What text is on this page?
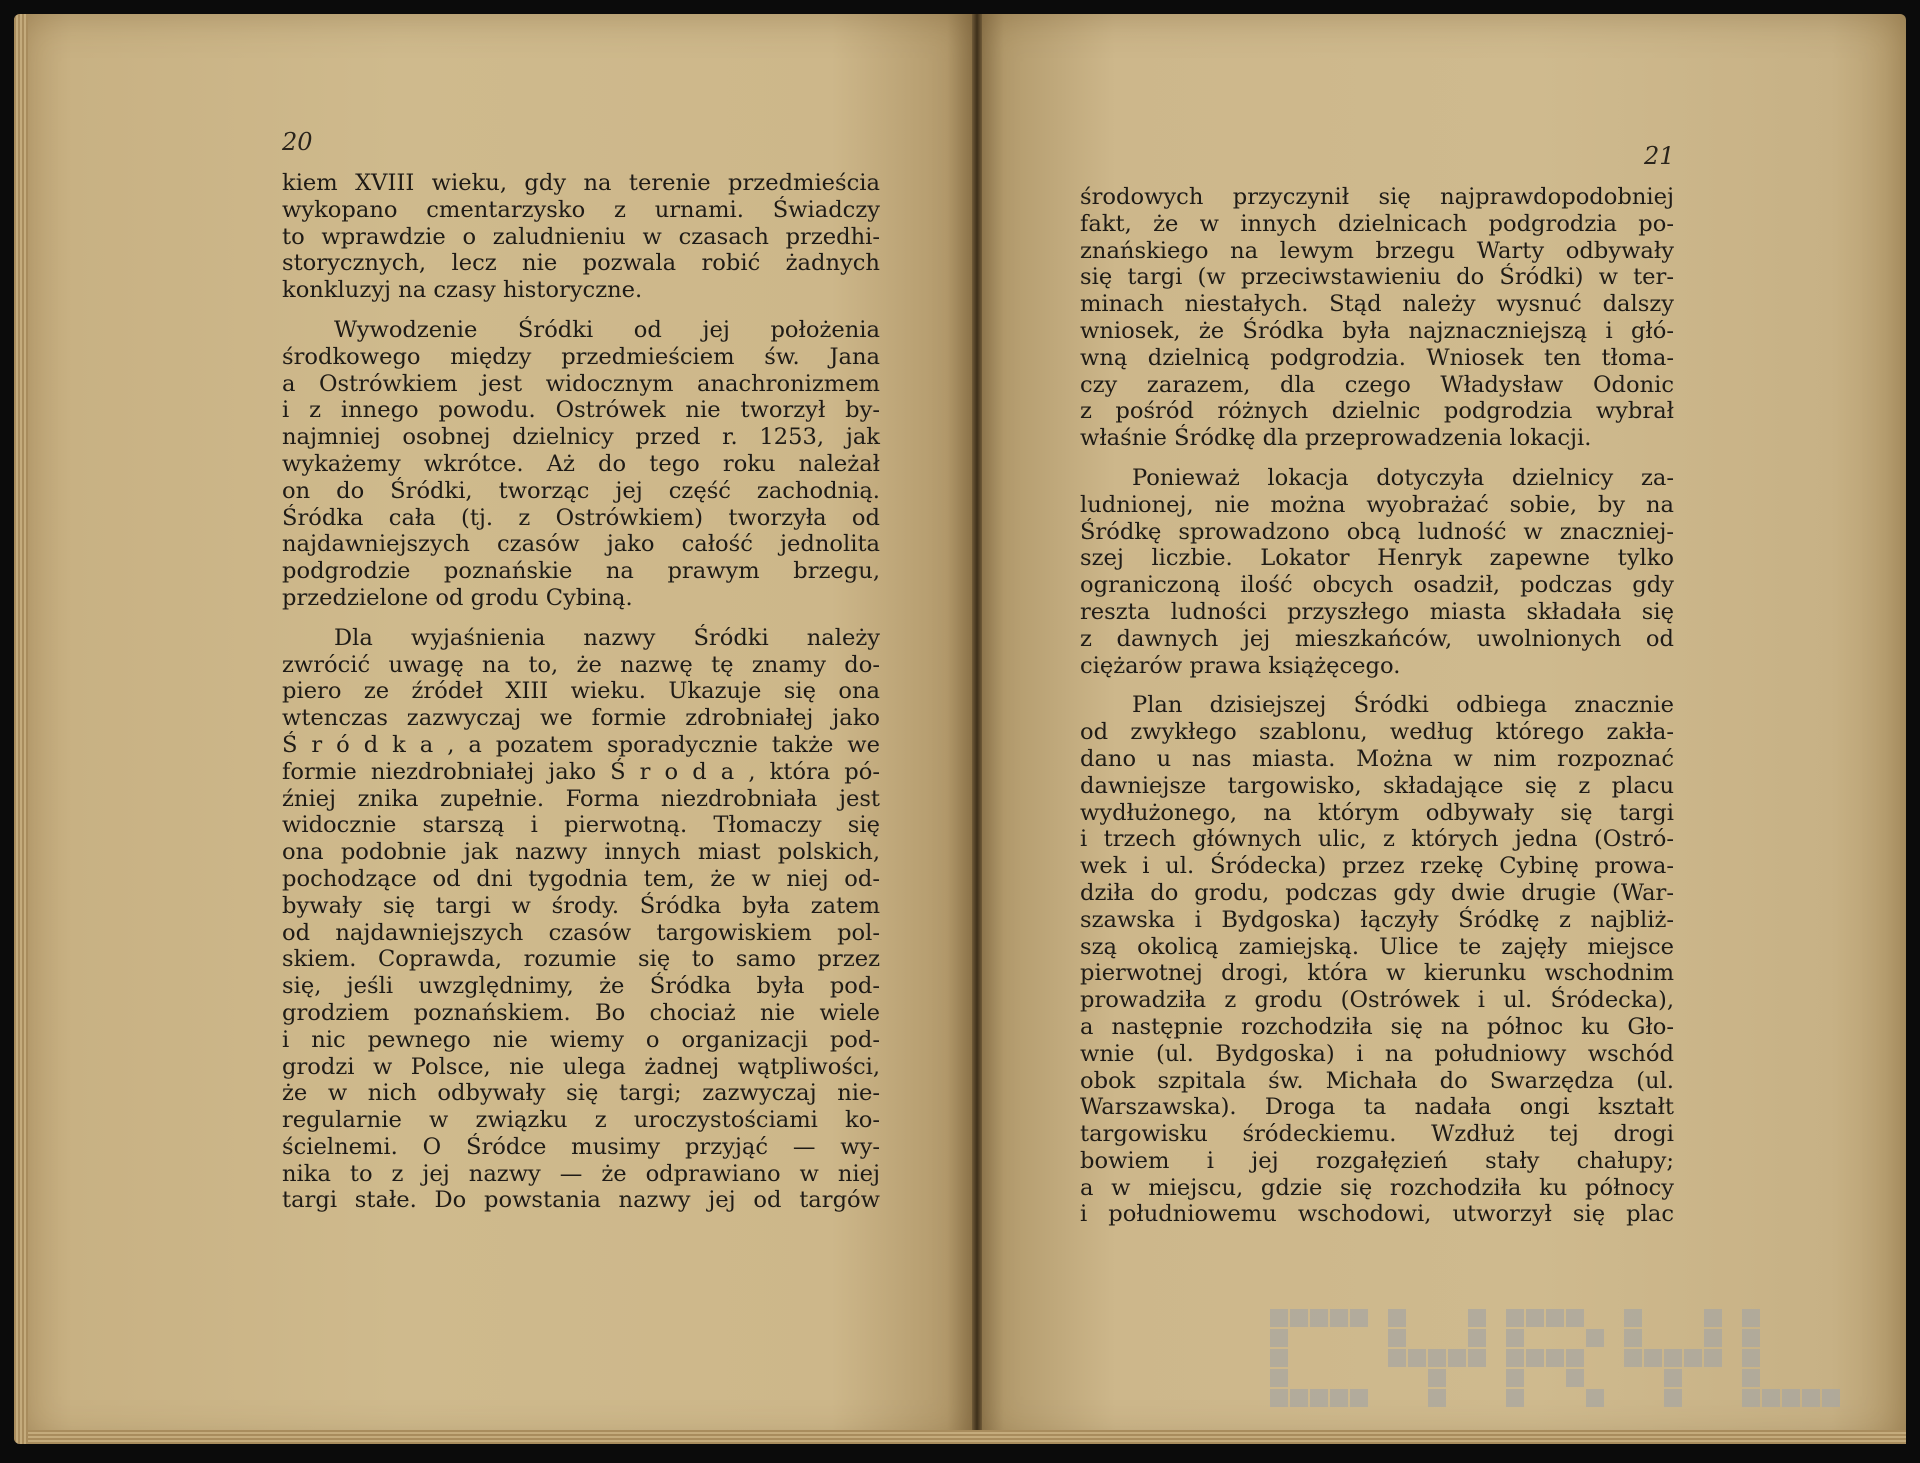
20

kiem XVIII wieku, gdy na terenie przedmieścia
wykopano cmentarzysko z urnami. Świadczy
to wprawdzie o zaludnieniu w czasach przedhi-
storycznych, lecz nie pozwala robić żadnych
konkluzyj na czasy historyczne.

Wywodzenie Śródki od jej położenia
środkowego między przedmieściem św. Jana
a Ostrówkiem jest widocznym anachronizmem
i z innego powodu. Ostrówek nie tworzył by-
najmniej osobnej dzielnicy przed r. 1253, jak
wykażemy wkrótce. Aż do tego roku należał
on do Śródki, tworząc jej część zachodnią.
Śródka cała (tj. z Ostrówkiem) tworzyła od
najdawniejszych czasów jako całość jednolita
podgrodzie poznańskie na prawym brzegu,
przedzielone od grodu Cybiną.

Dla wyjaśnienia nazwy Śródki należy
zwrócić uwagę na to, że nazwę tę znamy do-
piero ze źródeł XIII wieku. Ukazuje się ona
wtenczas zazwyczaj we formie zdrobniałej jako
Ś r ó d k a , a pozatem sporadycznie także we
formie niezdrobniałej jako Ś r o d a , która pó-
źniej znika zupełnie. Forma niezdrobniała jest
widocznie starszą i pierwotną. Tłomaczy się
ona podobnie jak nazwy innych miast polskich,
pochodzące od dni tygodnia tem, że w niej od-
bywały się targi w środy. Śródka była zatem
od najdawniejszych czasów targowiskiem pol-
skiem. Coprawda, rozumie się to samo przez
się, jeśli uwzględnimy, że Śródka była pod-
grodziem poznańskiem. Bo chociaż nie wiele
i nic pewnego nie wiemy o organizacji pod-
grodzi w Polsce, nie ulega żadnej wątpliwości,
że w nich odbywały się targi; zazwyczaj nie-
regularnie w związku z uroczystościami ko-
ścielnemi. O Śródce musimy przyjąć — wy-
nika to z jej nazwy — że odprawiano w niej
targi stałe. Do powstania nazwy jej od targów

21

środowych przyczynił się najprawdopodobniej
fakt, że w innych dzielnicach podgrodzia po-
znańskiego na lewym brzegu Warty odbywały
się targi (w przeciwstawieniu do Śródki) w ter-
minach niestałych. Stąd należy wysnuć dalszy
wniosek, że Śródka była najznaczniejszą i głó-
wną dzielnicą podgrodzia. Wniosek ten tłoma-
czy zarazem, dla czego Władysław Odonic
z pośród różnych dzielnic podgrodzia wybrał
właśnie Śródkę dla przeprowadzenia lokacji.

Ponieważ lokacja dotyczyła dzielnicy za-
ludnionej, nie można wyobrażać sobie, by na
Śródkę sprowadzono obcą ludność w znaczniej-
szej liczbie. Lokator Henryk zapewne tylko
ograniczoną ilość obcych osadził, podczas gdy
reszta ludności przyszłego miasta składała się
z dawnych jej mieszkańców, uwolnionych od
ciężarów prawa książęcego.

Plan dzisiejszej Śródki odbiega znacznie
od zwykłego szablonu, według którego zakła-
dano u nas miasta. Można w nim rozpoznać
dawniejsze targowisko, składające się z placu
wydłużonego, na którym odbywały się targi
i trzech głównych ulic, z których jedna (Ostró-
wek i ul. Śródecka) przez rzekę Cybinę prowa-
dziła do grodu, podczas gdy dwie drugie (War-
szawska i Bydgoska) łączyły Śródkę z najbliż-
szą okolicą zamiejską. Ulice te zajęły miejsce
pierwotnej drogi, która w kierunku wschodnim
prowadziła z grodu (Ostrówek i ul. Śródecka),
a następnie rozchodziła się na północ ku Gło-
wnie (ul. Bydgoska) i na południowy wschód
obok szpitala św. Michała do Swarzędza (ul.
Warszawska). Droga ta nadała ongi kształt
targowisku śródeckiemu. Wzdłuż tej drogi
bowiem i jej rozgałęzień stały chałupy;
a w miejscu, gdzie się rozchodziła ku północy
i południowemu wschodowi, utworzył się plac
